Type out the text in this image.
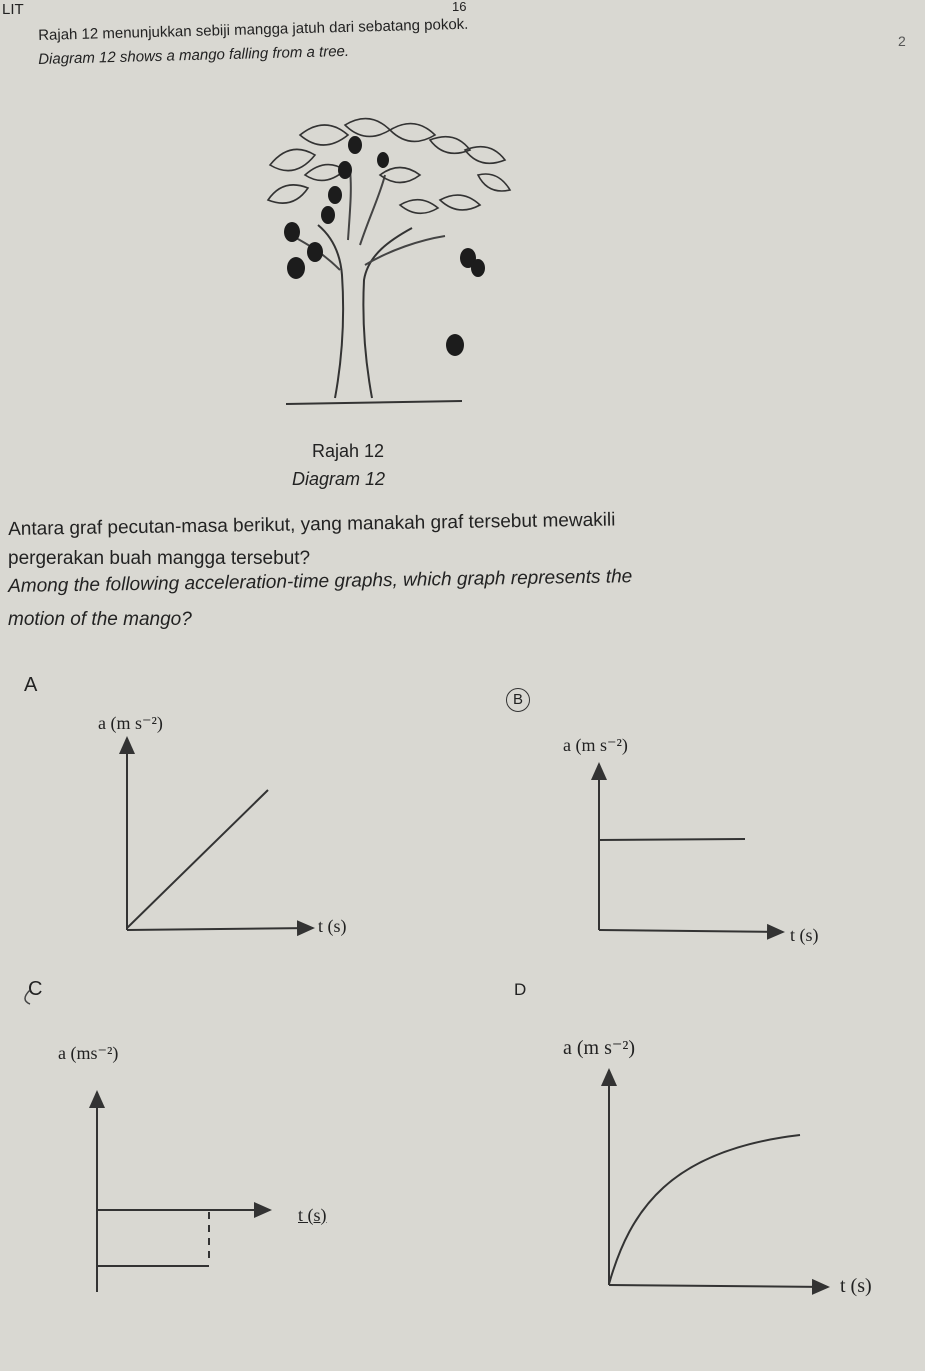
LIT	16
2
Rajah 12 menunjukkan sebiji mangga jatuh dari sebatang pokok.
Diagram 12 shows a mango falling from a tree.
Rajah 12
Diagram 12
Antara graf pecutan-masa berikut, yang manakah graf tersebut mewakili
pergerakan buah mangga tersebut?
Among the following acceleration-time graphs, which graph represents the
motion of the mango?
A
B
C	D
a (m s⁻²)
t (s)
a (m s⁻²)
t (s)
a (ms⁻²)
t (s)
a (m s⁻²)
t (s)
